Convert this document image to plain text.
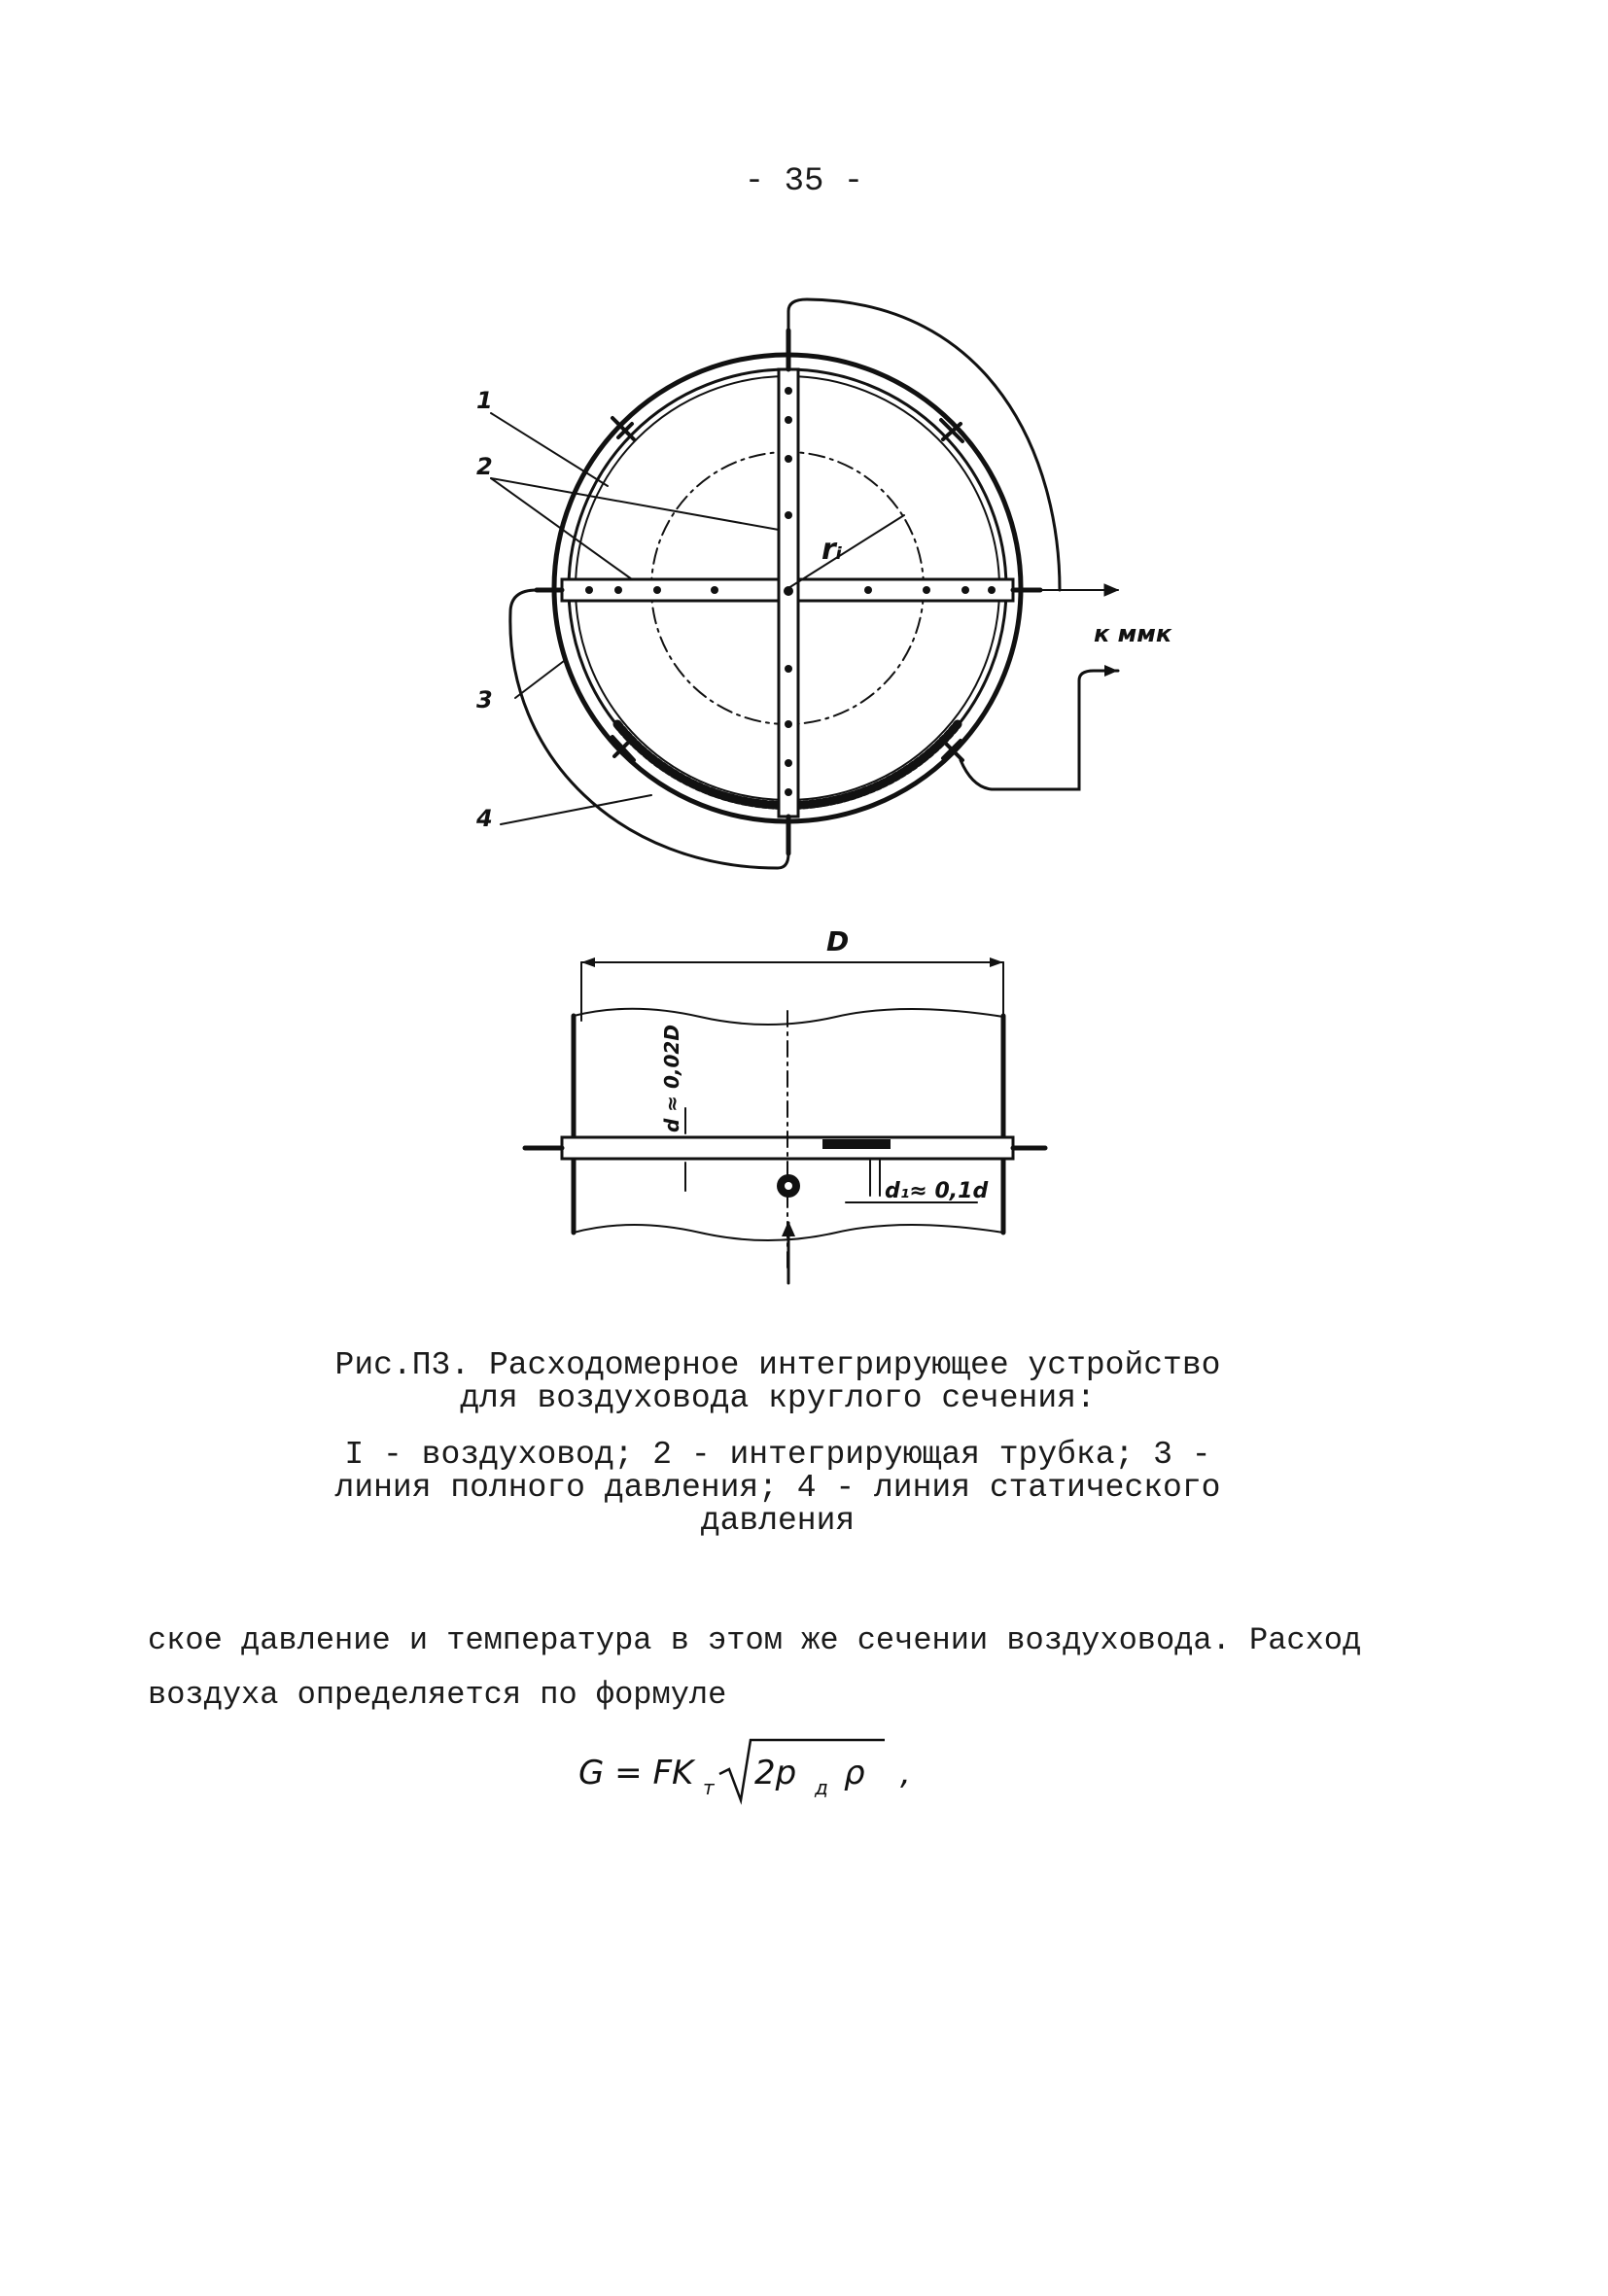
- 35 -
1
2
3
4
rᵢ
к ммк
D
d ≈ 0,02D
d₁≈ 0,1d
Рис.П3. Расходомерное интегрирующее устройство
для воздуховода круглого сечения:
I - воздуховод; 2 - интегрирующая трубка; 3 -
линия полного давления; 4 - линия статического
давления
ское давление и температура в этом же сечении воздуховода. Расход
воздуха определяется по формуле
G = FK т 2p д ρ ,
